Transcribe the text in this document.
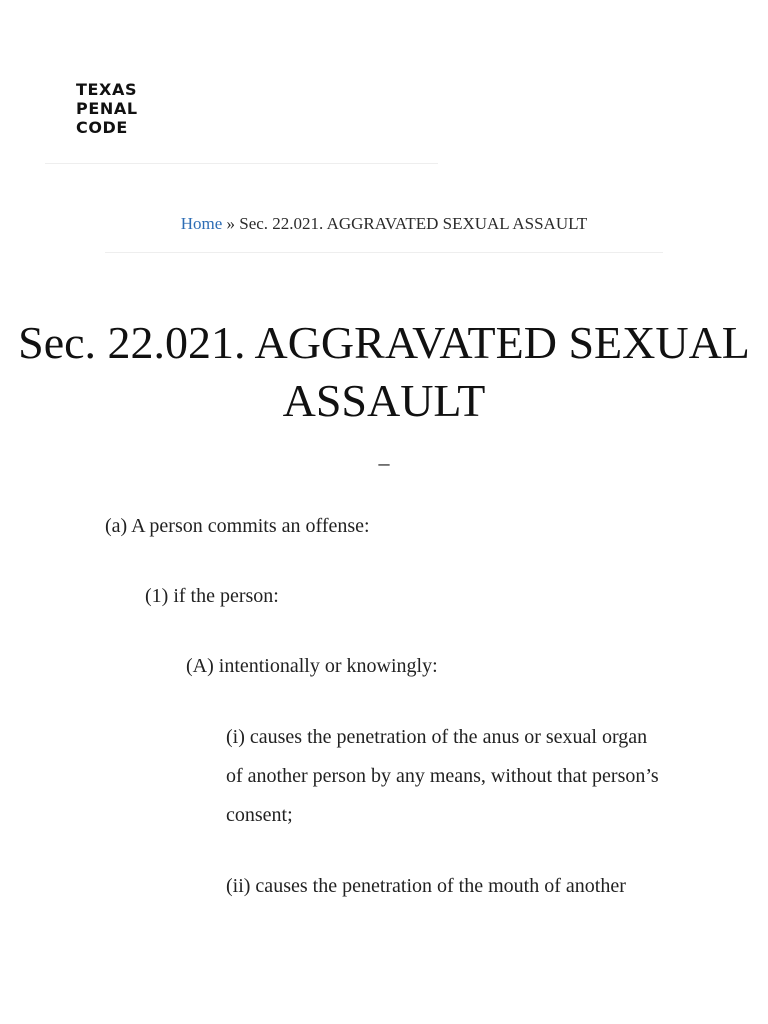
TEXAS
PENAL
CODE
Home » Sec. 22.021. AGGRAVATED SEXUAL ASSAULT
Sec. 22.021. AGGRAVATED SEXUAL ASSAULT
–

(a) A person commits an offense:

(1) if the person:

(A) intentionally or knowingly:

(i) causes the penetration of the anus or sexual organ of another person by any means, without that person’s consent;

(ii) causes the penetration of the mouth of another
